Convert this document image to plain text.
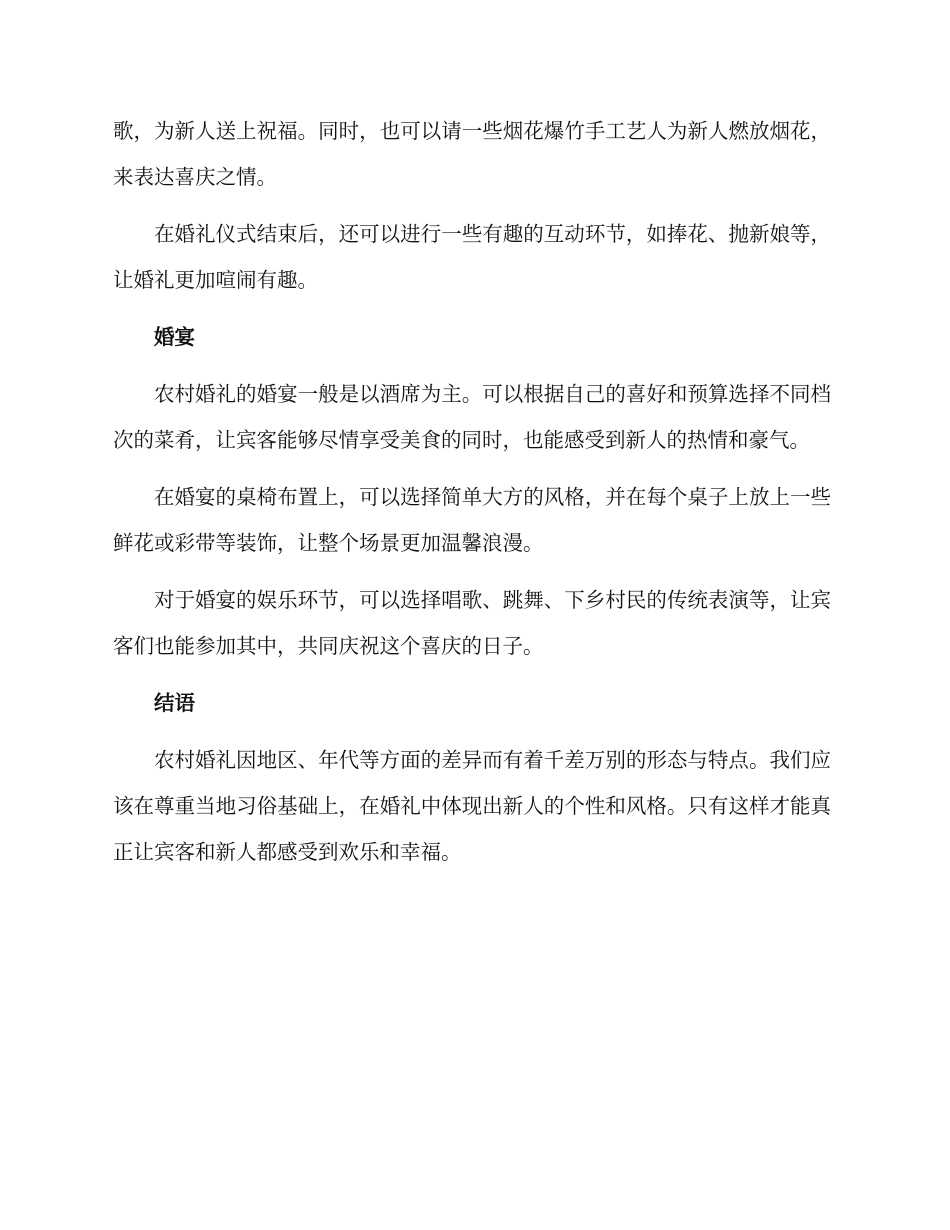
歌，为新人送上祝福。同时，也可以请一些烟花爆竹手工艺人为新人燃放烟花，来表达喜庆之情。

在婚礼仪式结束后，还可以进行一些有趣的互动环节，如捧花、抛新娘等，让婚礼更加喧闹有趣。

婚宴

农村婚礼的婚宴一般是以酒席为主。可以根据自己的喜好和预算选择不同档次的菜肴，让宾客能够尽情享受美食的同时，也能感受到新人的热情和豪气。

在婚宴的桌椅布置上，可以选择简单大方的风格，并在每个桌子上放上一些鲜花或彩带等装饰，让整个场景更加温馨浪漫。

对于婚宴的娱乐环节，可以选择唱歌、跳舞、下乡村民的传统表演等，让宾客们也能参加其中，共同庆祝这个喜庆的日子。

结语

农村婚礼因地区、年代等方面的差异而有着千差万别的形态与特点。我们应该在尊重当地习俗基础上，在婚礼中体现出新人的个性和风格。只有这样才能真正让宾客和新人都感受到欢乐和幸福。
